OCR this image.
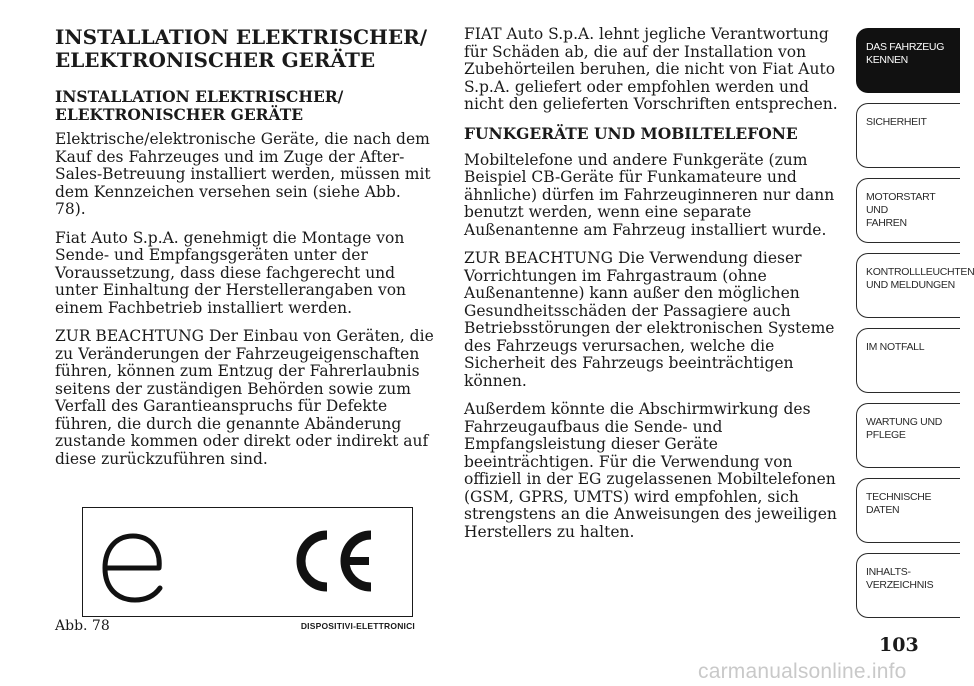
INSTALLATION ELEKTRISCHER/
ELEKTRONISCHER GERÄTE
INSTALLATION ELEKTRISCHER/
ELEKTRONISCHER GERÄTE

Elektrische/elektronische Geräte, die nach dem Kauf des Fahrzeuges und im Zuge der After-Sales-Betreuung installiert werden, müssen mit dem Kennzeichen versehen sein (siehe Abb. 78).

Fiat Auto S.p.A. genehmigt die Montage von Sende- und Empfangsgeräten unter der Voraussetzung, dass diese fachgerecht und unter Einhaltung der Herstellerangaben von einem Fachbetrieb installiert werden.

ZUR BEACHTUNG Der Einbau von Geräten, die zu Veränderungen der Fahrzeugeigenschaften führen, können zum Entzug der Fahrerlaubnis seitens der zuständigen Behörden sowie zum Verfall des Garantieanspruchs für Defekte führen, die durch die genannte Abänderung zustande kommen oder direkt oder indirekt auf diese zurückzuführen sind.

Abb. 78	DISPOSITIVI-ELETTRONICI

FIAT Auto S.p.A. lehnt jegliche Verantwortung für Schäden ab, die auf der Installation von Zubehörteilen beruhen, die nicht von Fiat Auto S.p.A. geliefert oder empfohlen werden und nicht den gelieferten Vorschriften entsprechen.

FUNKGERÄTE UND MOBILTELEFONE

Mobiltelefone und andere Funkgeräte (zum Beispiel CB-Geräte für Funkamateure und ähnliche) dürfen im Fahrzeuginneren nur dann benutzt werden, wenn eine separate Außenantenne am Fahrzeug installiert wurde.

ZUR BEACHTUNG Die Verwendung dieser Vorrichtungen im Fahrgastraum (ohne Außenantenne) kann außer den möglichen Gesundheitsschäden der Passagiere auch Betriebsstörungen der elektronischen Systeme des Fahrzeugs verursachen, welche die Sicherheit des Fahrzeugs beeinträchtigen können.

Außerdem könnte die Abschirmwirkung des Fahrzeugaufbaus die Sende- und Empfangsleistung dieser Geräte beeinträchtigen. Für die Verwendung von offiziell in der EG zugelassenen Mobiltelefonen (GSM, GPRS, UMTS) wird empfohlen, sich strengstens an die Anweisungen des jeweiligen Herstellers zu halten.

DAS FAHRZEUG
KENNEN
SICHERHEIT
MOTORSTART UND
FAHREN
KONTROLLLEUCHTEN
UND MELDUNGEN
IM NOTFALL
WARTUNG UND
PFLEGE
TECHNISCHE
DATEN
INHALTS-
VERZEICHNIS
103
carmanualsonline.info
